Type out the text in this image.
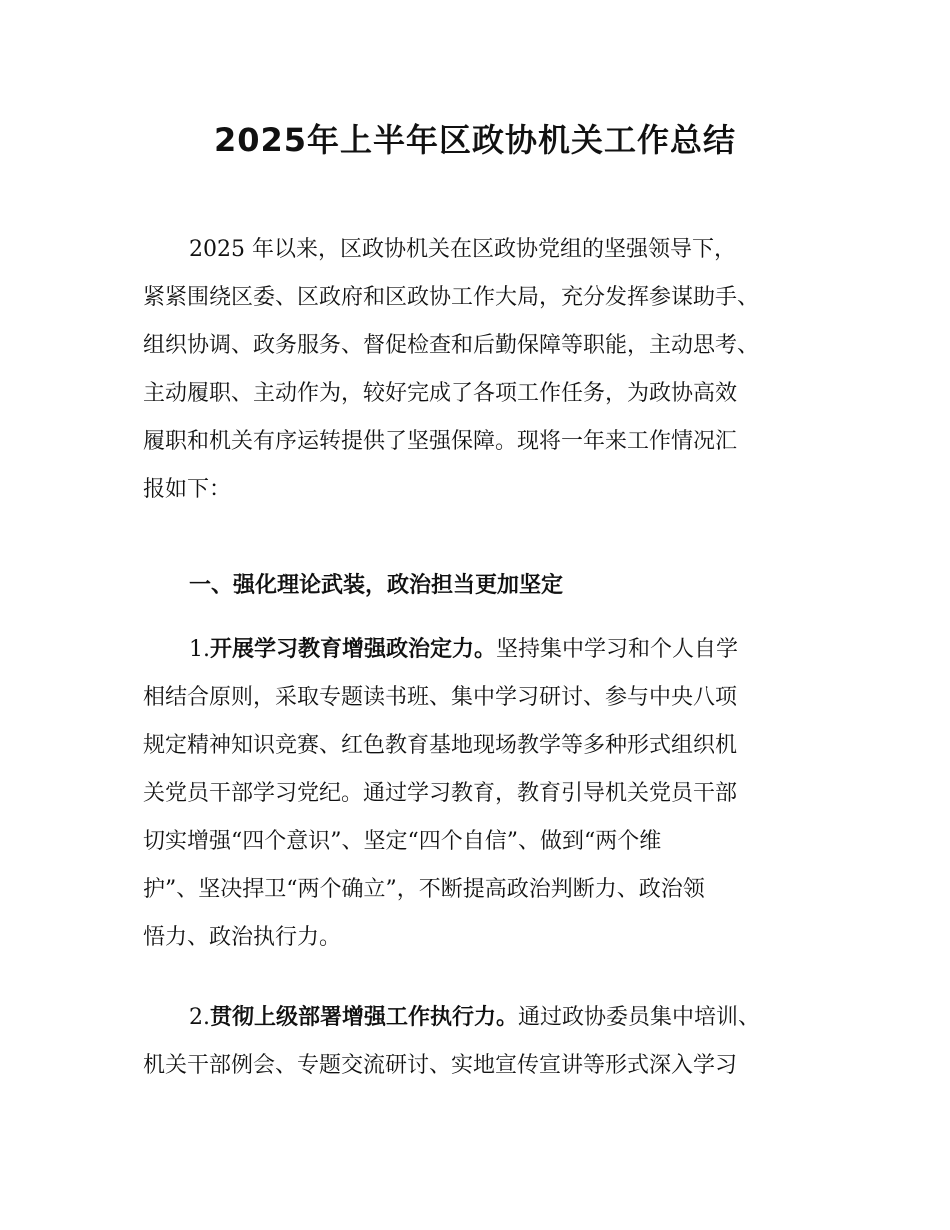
2025年上半年区政协机关工作总结
2025 年以来，区政协机关在区政协党组的坚强领导下，
紧紧围绕区委、区政府和区政协工作大局，充分发挥参谋助手、
组织协调、政务服务、督促检查和后勤保障等职能，主动思考、
主动履职、主动作为，较好完成了各项工作任务，为政协高效
履职和机关有序运转提供了坚强保障。现将一年来工作情况汇
报如下：
一、强化理论武装，政治担当更加坚定
1.开展学习教育增强政治定力。坚持集中学习和个人自学
相结合原则，采取专题读书班、集中学习研讨、参与中央八项
规定精神知识竞赛、红色教育基地现场教学等多种形式组织机
关党员干部学习党纪。通过学习教育，教育引导机关党员干部
切实增强“四个意识”、坚定“四个自信”、做到“两个维
护”、坚决捍卫“两个确立”，不断提高政治判断力、政治领
悟力、政治执行力。
2.贯彻上级部署增强工作执行力。通过政协委员集中培训、
机关干部例会、专题交流研讨、实地宣传宣讲等形式深入学习
